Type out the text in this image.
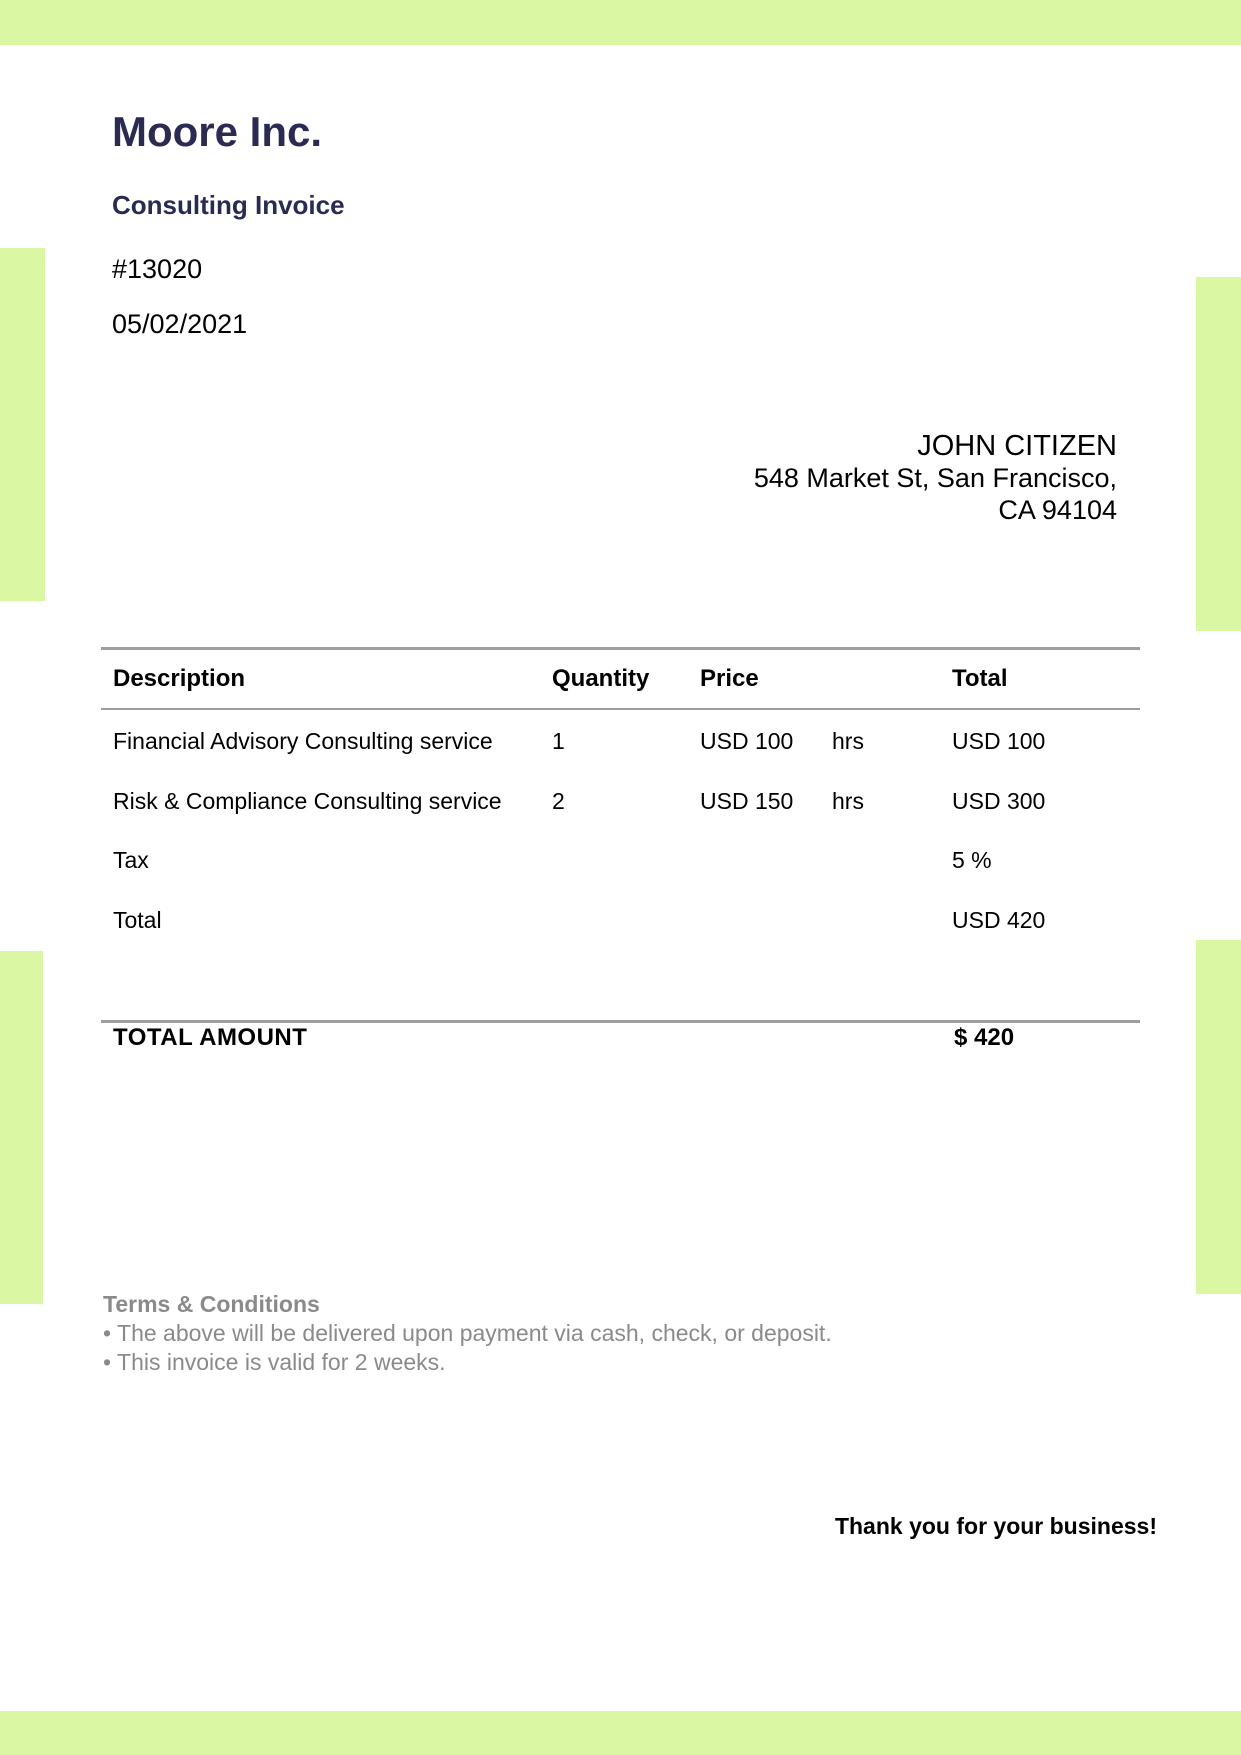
Moore Inc.
Consulting Invoice
#13020
05/02/2021
JOHN CITIZEN
548 Market St, San Francisco,
CA 94104
Description	Quantity Price	Total
Financial Advisory Consulting service	1	USD 100 hrs	USD 100
Risk & Compliance Consulting service 2	USD 150 hrs	USD 300
Tax	5 %
Total	USD 420
TOTAL AMOUNT	$ 420
Terms & Conditions
• The above will be delivered upon payment via cash, check, or deposit.
• This invoice is valid for 2 weeks.
Thank you for your business!
